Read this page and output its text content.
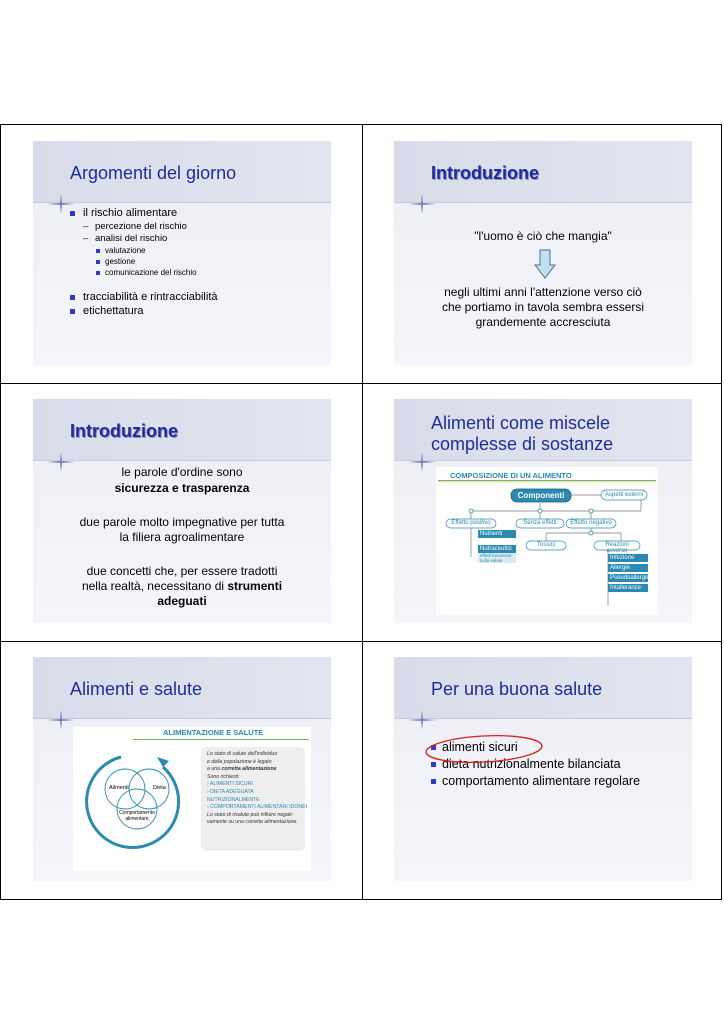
Argomenti del giorno
il rischio alimentare
– percezione del rischio
– analisi del rischio
valutazione
gestione
comunicazione del rischio
tracciabilità e rintracciabilità
etichettatura
Introduzione
"l'uomo è ciò che mangia"
negli ultimi anni l'attenzione verso ciò
che portiamo in tavola sembra essersi
grandemente accresciuta
Introduzione
le parole d'ordine sono
sicurezza e trasparenza
due parole molto impegnative per tutta
la filiera agroalimentare
due concetti che, per essere tradotti
nella realtà, necessitano di strumenti
adeguati
Alimenti come miscele
complesse di sostanze
COMPOSIZIONE DI UN ALIMENTO
Componenti	Aspetti esterni
Effetto positivo	Senza effetti	Effetto negativo
Nutrienti
Nutraceutici
effetti favorevoli sulla salute
Tossici	Reazioni avverse
Infezione
Allergie
Pseudoallergie
Intolleranze
Alimenti e salute
ALIMENTAZIONE E SALUTE
Alimenti	Dieta
Comportamento
alimentare
Lo stato di salute dell'individuo
e della popolazione è legato
a una corretta alimentazione
Sono richiesti:
› ALIMENTI SICURI
› DIETA ADEGUATA NUTRIZIONALMENTE
› COMPORTAMENTI ALIMENTARI IDONEI
Lo stato di risalute può influire negati-
vamente su una corretta alimentazione.
Per una buona salute
alimenti sicuri
dieta nutrizionalmente bilanciata
comportamento alimentare regolare
